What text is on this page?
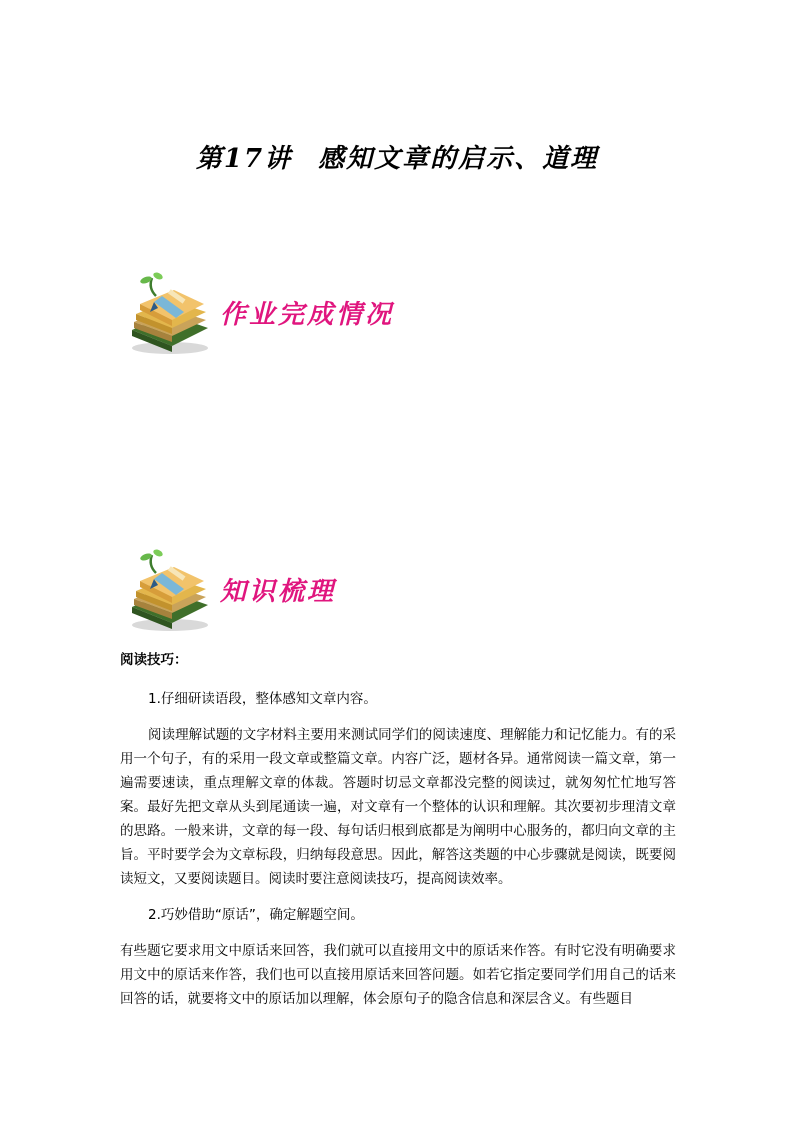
第17讲 感知文章的启示、道理
作业完成情况
知识梳理

阅读技巧：

1.仔细研读语段，整体感知文章内容。

阅读理解试题的文字材料主要用来测试同学们的阅读速度、理解能力和记忆能力。有的采用一个句子，有的采用一段文章或整篇文章。内容广泛，题材各异。通常阅读一篇文章，第一遍需要速读，重点理解文章的体裁。答题时切忌文章都没完整的阅读过，就匆匆忙忙地写答案。最好先把文章从头到尾通读一遍，对文章有一个整体的认识和理解。其次要初步理清文章的思路。一般来讲，文章的每一段、每句话归根到底都是为阐明中心服务的，都归向文章的主旨。平时要学会为文章标段，归纳每段意思。因此，解答这类题的中心步骤就是阅读，既要阅读短文，又要阅读题目。阅读时要注意阅读技巧，提高阅读效率。

2.巧妙借助“原话”，确定解题空间。

有些题它要求用文中原话来回答，我们就可以直接用文中的原话来作答。有时它没有明确要求用文中的原话来作答，我们也可以直接用原话来回答问题。如若它指定要同学们用自己的话来回答的话，就要将文中的原话加以理解，体会原句子的隐含信息和深层含义。有些题目
